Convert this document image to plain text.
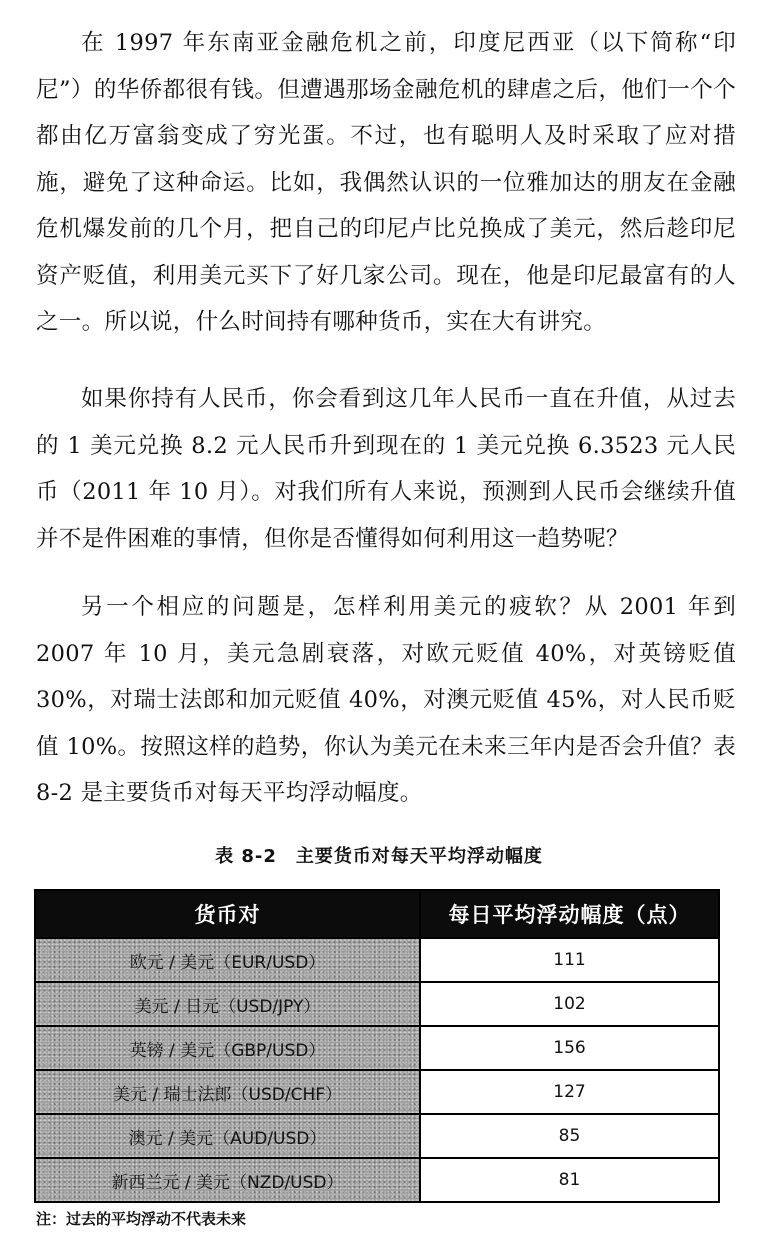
在 1997 年东南亚金融危机之前，印度尼西亚（以下简称“印尼”）的华侨都很有钱。但遭遇那场金融危机的肆虐之后，他们一个个都由亿万富翁变成了穷光蛋。不过，也有聪明人及时采取了应对措施，避免了这种命运。比如，我偶然认识的一位雅加达的朋友在金融危机爆发前的几个月，把自己的印尼卢比兑换成了美元，然后趁印尼资产贬值，利用美元买下了好几家公司。现在，他是印尼最富有的人之一。所以说，什么时间持有哪种货币，实在大有讲究。

如果你持有人民币，你会看到这几年人民币一直在升值，从过去的 1 美元兑换 8.2 元人民币升到现在的 1 美元兑换 6.3523 元人民币（2011 年 10 月）。对我们所有人来说，预测到人民币会继续升值并不是件困难的事情，但你是否懂得如何利用这一趋势呢？

另一个相应的问题是，怎样利用美元的疲软？从 2001 年到 2007 年 10 月，美元急剧衰落，对欧元贬值 40%，对英镑贬值 30%，对瑞士法郎和加元贬值 40%，对澳元贬值 45%，对人民币贬值 10%。按照这样的趋势，你认为美元在未来三年内是否会升值？表 8-2 是主要货币对每天平均浮动幅度。

表 8-2　主要货币对每天平均浮动幅度
货币对	每日平均浮动幅度（点）
欧元 / 美元（EUR/USD）	111
美元 / 日元（USD/JPY）	102
英镑 / 美元（GBP/USD）	156
美元 / 瑞士法郎（USD/CHF）	127
澳元 / 美元（AUD/USD）	85
新西兰元 / 美元（NZD/USD）	81
注：过去的平均浮动不代表未来
